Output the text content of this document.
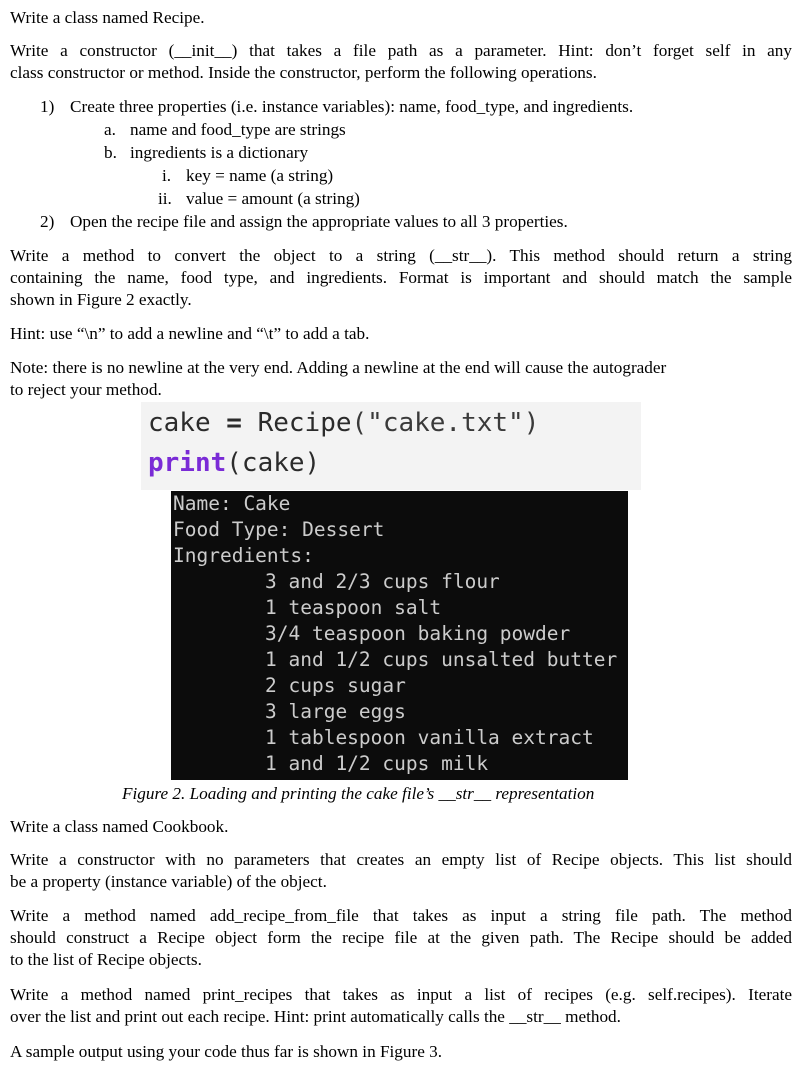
Write a class named Recipe.

Write a constructor (__init__) that takes a file path as a parameter. Hint: don’t forget self in any
class constructor or method. Inside the constructor, perform the following operations.

1) Create three properties (i.e. instance variables): name, food_type, and ingredients.
a. name and food_type are strings
b. ingredients is a dictionary
i. key = name (a string)
ii. value = amount (a string)
2) Open the recipe file and assign the appropriate values to all 3 properties.

Write a method to convert the object to a string (__str__). This method should return a string
containing the name, food type, and ingredients. Format is important and should match the sample
shown in Figure 2 exactly.

Hint: use “\n” to add a newline and “\t” to add a tab.

Note: there is no newline at the very end. Adding a newline at the end will cause the autograder
to reject your method.

cake = Recipe("cake.txt")
print(cake)
Name: Cake
Food Type: Dessert
Ingredients:
3 and 2/3 cups flour
1 teaspoon salt
3/4 teaspoon baking powder
1 and 1/2 cups unsalted butter
2 cups sugar
3 large eggs
1 tablespoon vanilla extract
1 and 1/2 cups milk
Figure 2. Loading and printing the cake file’s __str__ representation

Write a class named Cookbook.

Write a constructor with no parameters that creates an empty list of Recipe objects. This list should
be a property (instance variable) of the object.

Write a method named add_recipe_from_file that takes as input a string file path. The method
should construct a Recipe object form the recipe file at the given path. The Recipe should be added
to the list of Recipe objects.

Write a method named print_recipes that takes as input a list of recipes (e.g. self.recipes). Iterate
over the list and print out each recipe. Hint: print automatically calls the __str__ method.

A sample output using your code thus far is shown in Figure 3.
